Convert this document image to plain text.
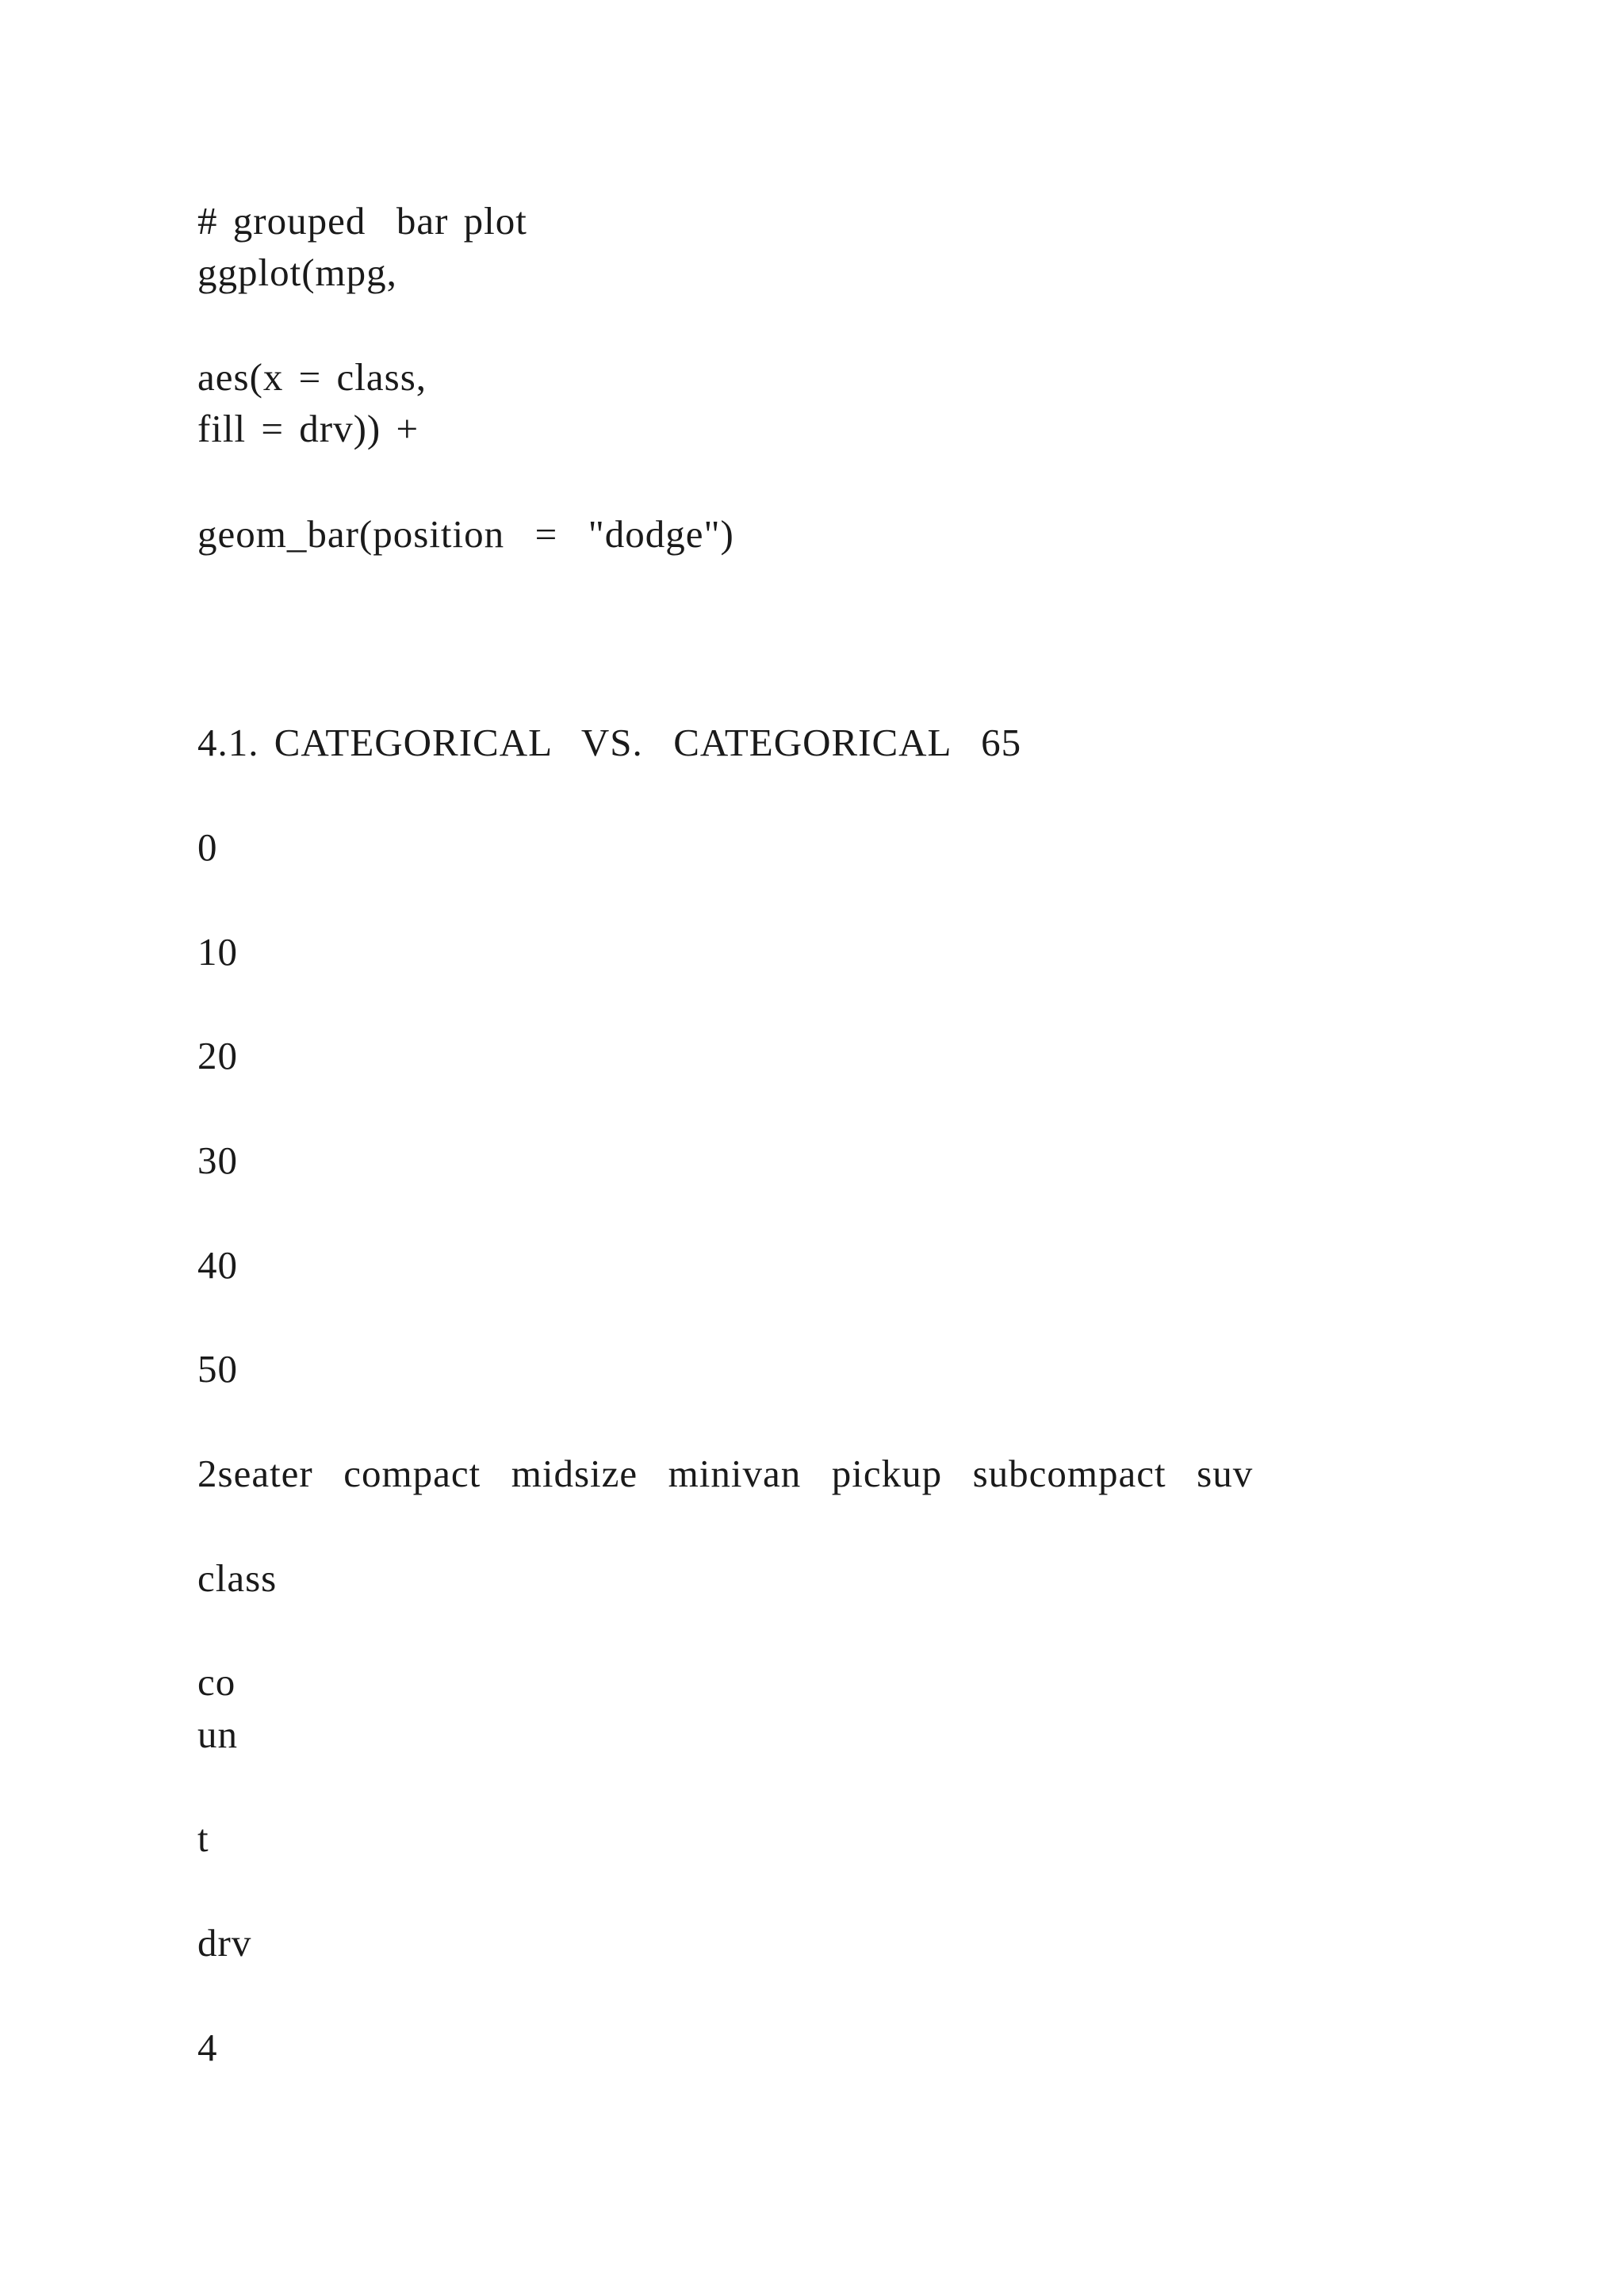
# grouped  bar plot
ggplot(mpg,
aes(x = class,
fill = drv)) +
geom_bar(position  =  "dodge")
4.1. CATEGORICAL  VS.  CATEGORICAL  65
0
10
20
30
40
50
2seater  compact  midsize  minivan  pickup  subcompact  suv
class
co
un
t
drv
4
